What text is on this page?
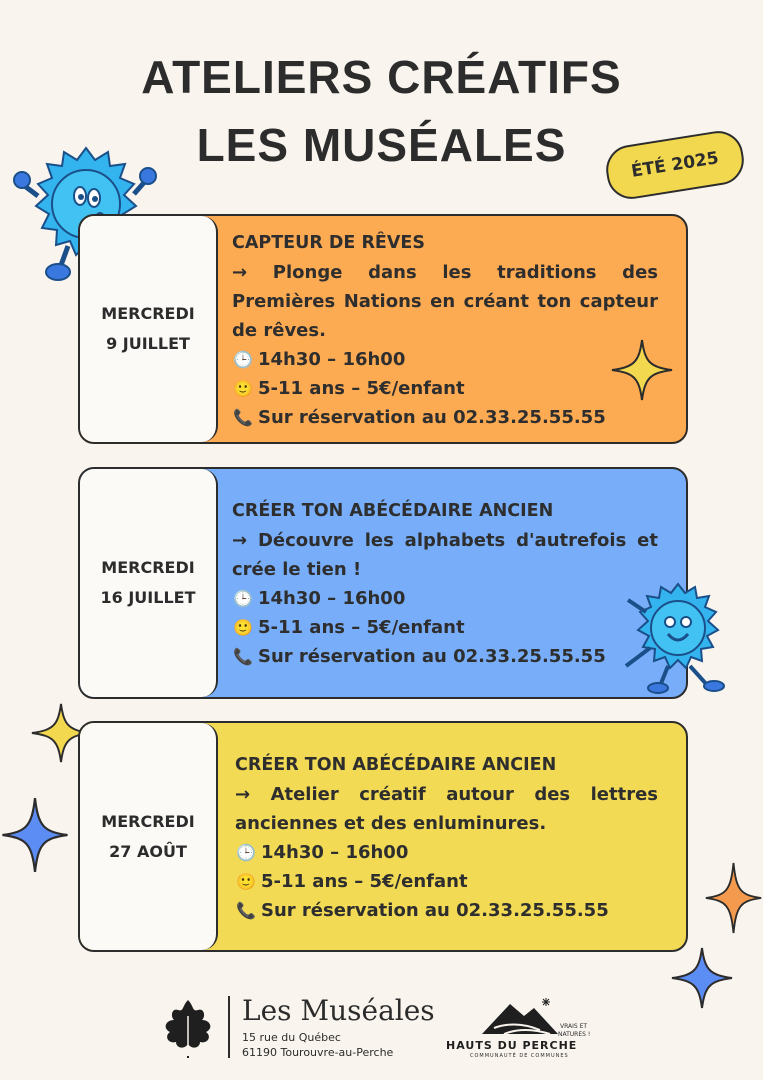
ATELIERS CRÉATIFS
LES MUSÉALES	ÉTÉ 2025
MERCREDI
9 JUILLET
CAPTEUR DE RÊVES
→ Plonge dans les traditions des Premières Nations en créant ton capteur de rêves.
🕒 14h30 – 16h00
🙂 5-11 ans – 5€/enfant
📞 Sur réservation au 02.33.25.55.55
MERCREDI
16 JUILLET
CRÉER TON ABÉCÉDAIRE ANCIEN
→ Découvre les alphabets d'autrefois et crée le tien !
🕒 14h30 – 16h00
🙂 5-11 ans – 5€/enfant
📞 Sur réservation au 02.33.25.55.55
MERCREDI
27 AOÛT
CRÉER TON ABÉCÉDAIRE ANCIEN
→ Atelier créatif autour des lettres anciennes et des enluminures.
🕒 14h30 – 16h00
🙂 5-11 ans – 5€/enfant
📞 Sur réservation au 02.33.25.55.55
Les Muséales
15 rue du Québec
61190 Tourouvre-au-Perche
VRAIS ET
NATURES !
HAUTS DU PERCHE
COMMUNAUTÉ DE COMMUNES
